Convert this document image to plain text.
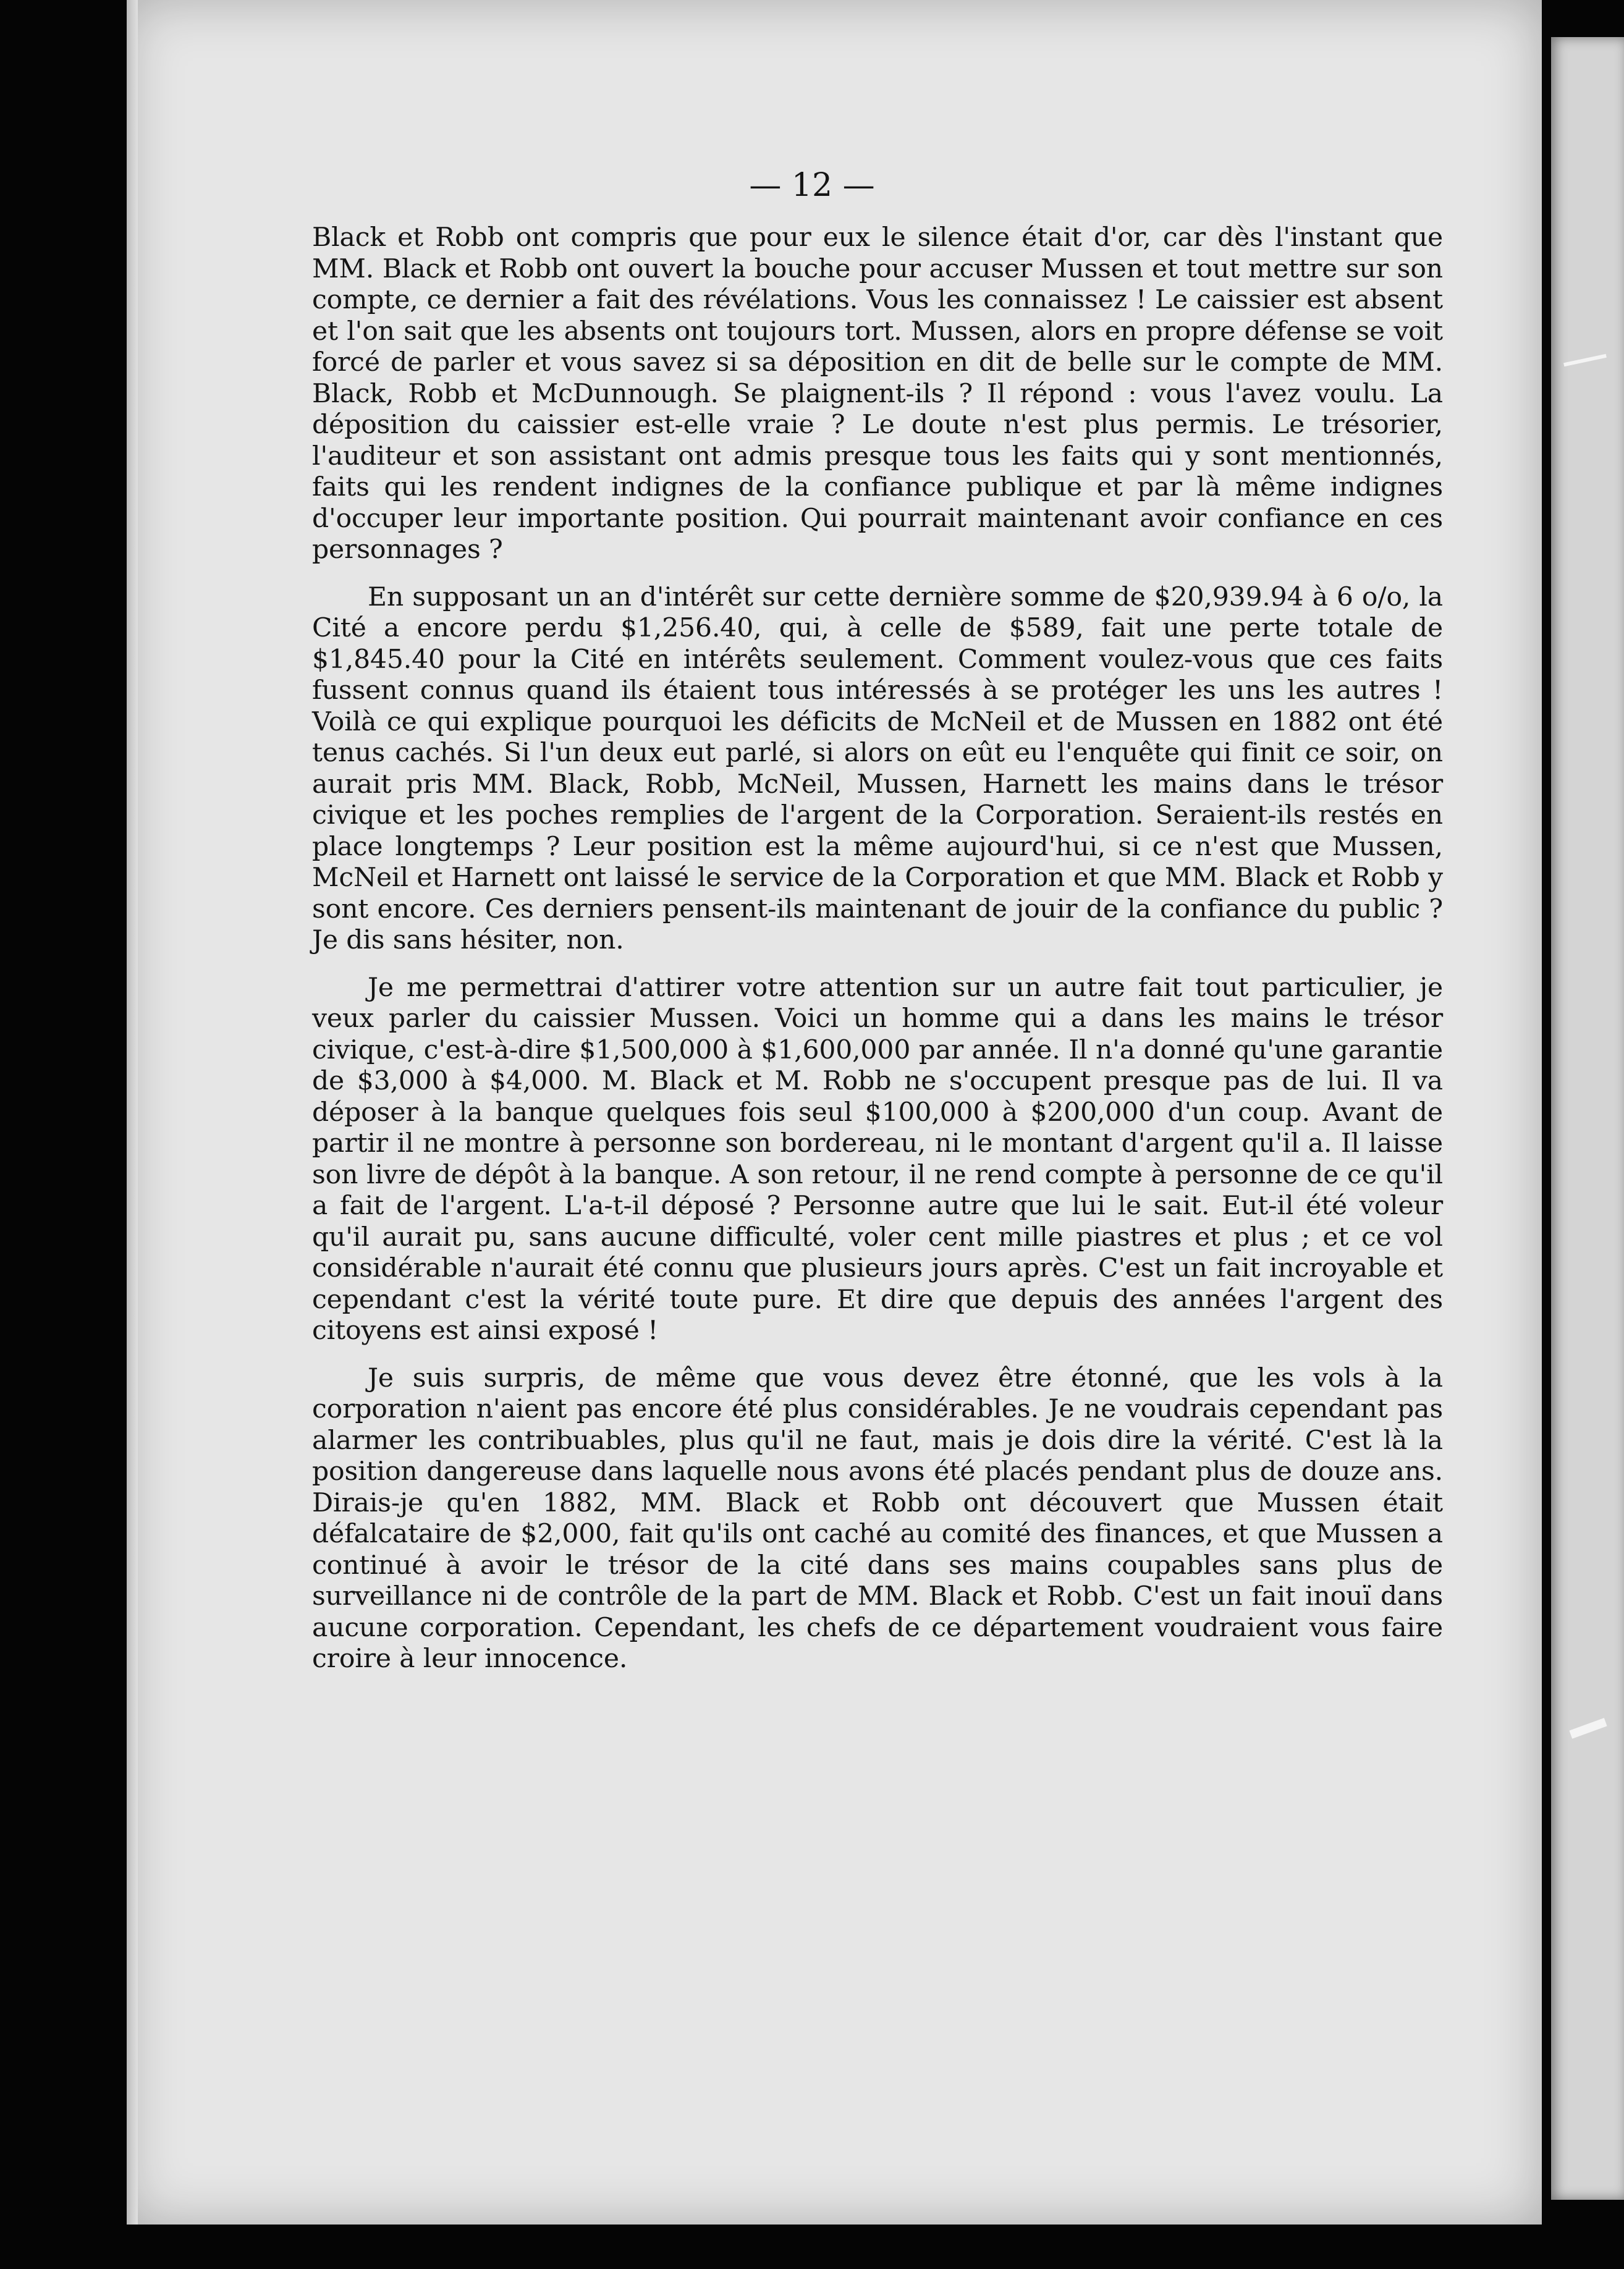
— 12 —

Black et Robb ont compris que pour eux le silence était d'or, car dès l'instant que MM. Black et Robb ont ouvert la bouche pour accuser Mussen et tout mettre sur son compte, ce dernier a fait des révélations. Vous les connaissez ! Le caissier est absent et l'on sait que les absents ont toujours tort. Mussen, alors en propre défense se voit forcé de parler et vous savez si sa déposition en dit de belle sur le compte de MM. Black, Robb et McDunnough. Se plaignent-ils ? Il répond : vous l'avez voulu. La déposition du caissier est-elle vraie ? Le doute n'est plus permis. Le trésorier, l'auditeur et son assistant ont admis presque tous les faits qui y sont mentionnés, faits qui les rendent indignes de la confiance publique et par là même indignes d'occuper leur importante position. Qui pourrait maintenant avoir confiance en ces personnages ?

En supposant un an d'intérêt sur cette dernière somme de $20,939.94 à 6 o/o, la Cité a encore perdu $1,256.40, qui, à celle de $589, fait une perte totale de $1,845.40 pour la Cité en intérêts seulement. Comment voulez-vous que ces faits fussent connus quand ils étaient tous intéressés à se protéger les uns les autres ! Voilà ce qui explique pourquoi les déficits de McNeil et de Mussen en 1882 ont été tenus cachés. Si l'un deux eut parlé, si alors on eût eu l'enquête qui finit ce soir, on aurait pris MM. Black, Robb, McNeil, Mussen, Harnett les mains dans le trésor civique et les poches remplies de l'argent de la Corporation. Seraient-ils restés en place longtemps ? Leur position est la même aujourd'hui, si ce n'est que Mussen, McNeil et Harnett ont laissé le service de la Corporation et que MM. Black et Robb y sont encore. Ces derniers pensent-ils maintenant de jouir de la confiance du public ? Je dis sans hésiter, non.

Je me permettrai d'attirer votre attention sur un autre fait tout particulier, je veux parler du caissier Mussen. Voici un homme qui a dans les mains le trésor civique, c'est-à-dire $1,500,000 à $1,600,000 par année. Il n'a donné qu'une garantie de $3,000 à $4,000. M. Black et M. Robb ne s'occupent presque pas de lui. Il va déposer à la banque quelques fois seul $100,000 à $200,000 d'un coup. Avant de partir il ne montre à personne son bordereau, ni le montant d'argent qu'il a. Il laisse son livre de dépôt à la banque. A son retour, il ne rend compte à personne de ce qu'il a fait de l'argent. L'a-t-il déposé ? Personne autre que lui le sait. Eut-il été voleur qu'il aurait pu, sans aucune difficulté, voler cent mille piastres et plus ; et ce vol considérable n'aurait été connu que plusieurs jours après. C'est un fait incroyable et cependant c'est la vérité toute pure. Et dire que depuis des années l'argent des citoyens est ainsi exposé !

Je suis surpris, de même que vous devez être étonné, que les vols à la corporation n'aient pas encore été plus considérables. Je ne voudrais cependant pas alarmer les contribuables, plus qu'il ne faut, mais je dois dire la vérité. C'est là la position dangereuse dans laquelle nous avons été placés pendant plus de douze ans. Dirais-je qu'en 1882, MM. Black et Robb ont découvert que Mussen était défalcataire de $2,000, fait qu'ils ont caché au comité des finances, et que Mussen a continué à avoir le trésor de la cité dans ses mains coupables sans plus de surveillance ni de contrôle de la part de MM. Black et Robb. C'est un fait inouï dans aucune corporation. Cependant, les chefs de ce département voudraient vous faire croire à leur innocence.
